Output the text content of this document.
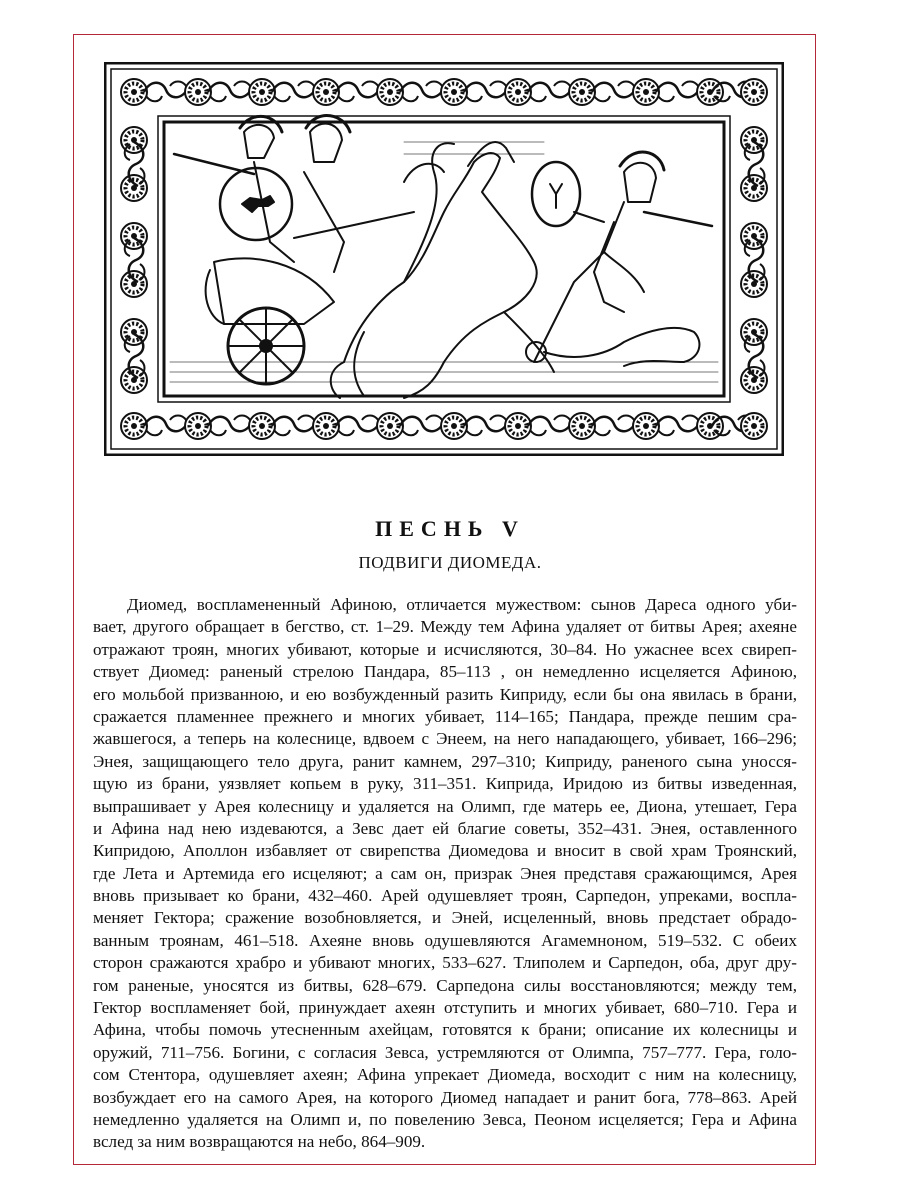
ПЕСНЬ V
ПОДВИГИ ДИОМЕДА.
Диомед, воспламененный Афиною, отличается мужеством: сынов Дареса одного уби-
вает, другого обращает в бегство, ст. 1–29. Между тем Афина удаляет от битвы Арея; ахеяне
отражают троян, многих убивают, которые и исчисляются, 30–84. Но ужаснее всех свиреп-
ствует Диомед: раненый стрелою Пандара, 85–113 , он немедленно исцеляется Афиною,
его мольбой призванною, и ею возбужденный разить Киприду, если бы она явилась в брани,
сражается пламеннее прежнего и многих убивает, 114–165; Пандара, прежде пешим сра-
жавшегося, а теперь на колеснице, вдвоем с Энеем, на него нападающего, убивает, 166–296;
Энея, защищающего тело друга, ранит камнем, 297–310; Киприду, раненого сына уносся-
щую из брани, уязвляет копьем в руку, 311–351. Киприда, Иридою из битвы изведенная,
выпрашивает у Арея колесницу и удаляется на Олимп, где матерь ее, Диона, утешает, Гера
и Афина над нею издеваются, а Зевс дает ей благие советы, 352–431. Энея, оставленного
Кипридою, Аполлон избавляет от свирепства Диомедова и вносит в свой храм Троянский,
где Лета и Артемида его исцеляют; а сам он, призрак Энея представя сражающимся, Арея
вновь призывает ко брани, 432–460. Арей одушевляет троян, Сарпедон, упреками, воспла-
меняет Гектора; сражение возобновляется, и Эней, исцеленный, вновь предстает обрадо-
ванным троянам, 461–518. Ахеяне вновь одушевляются Агамемноном, 519–532. С обеих
сторон сражаются храбро и убивают многих, 533–627. Тлиполем и Сарпедон, оба, друг дру-
гом раненые, уносятся из битвы, 628–679. Сарпедона силы восстановляются; между тем,
Гектор воспламеняет бой, принуждает ахеян отступить и многих убивает, 680–710. Гера и
Афина, чтобы помочь утесненным ахейцам, готовятся к брани; описание их колесницы и
оружий, 711–756. Богини, с согласия Зевса, устремляются от Олимпа, 757–777. Гера, голо-
сом Стентора, одушевляет ахеян; Афина упрекает Диомеда, восходит с ним на колесницу,
возбуждает его на самого Арея, на которого Диомед нападает и ранит бога, 778–863. Арей
немедленно удаляется на Олимп и, по повелению Зевса, Пеоном исцеляется; Гера и Афина
вслед за ним возвращаются на небо, 864–909.
